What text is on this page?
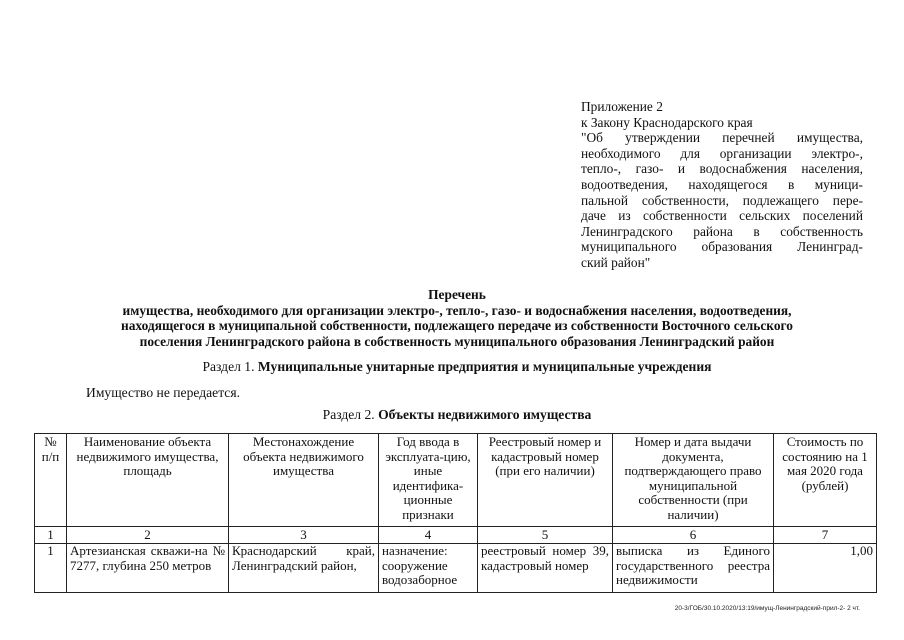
Приложение 2
к Закону Краснодарского края
"Об утверждении перечней имущества,
необходимого для организации электро-,
тепло-, газо- и водоснабжения населения,
водоотведения, находящегося в муници-
пальной собственности, подлежащего пере-
даче из собственности сельских поселений
Ленинградского района в собственность
муниципального образования Ленинград-
ский район"
Перечень
имущества, необходимого для организации электро-, тепло-, газо- и водоснабжения населения, водоотведения,
находящегося в муниципальной собственности, подлежащего передаче из собственности Восточного сельского
поселения Ленинградского района в собственность муниципального образования Ленинградский район
Раздел 1. Муниципальные унитарные предприятия и муниципальные учреждения
Имущество не передается.
Раздел 2. Объекты недвижимого имущества
№ п/п	Наименование объекта недвижимого имущества, площадь	Местонахождение объекта недвижимого имущества	Год ввода в эксплуата-цию, иные идентифика-ционные признаки	Реестровый номер и кадастровый номер (при его наличии)	Номер и дата выдачи документа, подтверждающего право муниципальной собственности (при наличии)	Стоимость по состоянию на 1 мая 2020 года (рублей)
1	2	3	4	5	6	7
1	Артезианская скважи-на № 7277, глубина 250 метров	Краснодарский край, Ленинградский район,	назначение: сооружение водозаборное	реестровый номер 39, кадастровый номер	выписка из Единого государственного реестра недвижимости	1,00
20-3/ГОБ/30.10.2020/13:19/имущ-Ленинградский-прил-2- 2 чт.
